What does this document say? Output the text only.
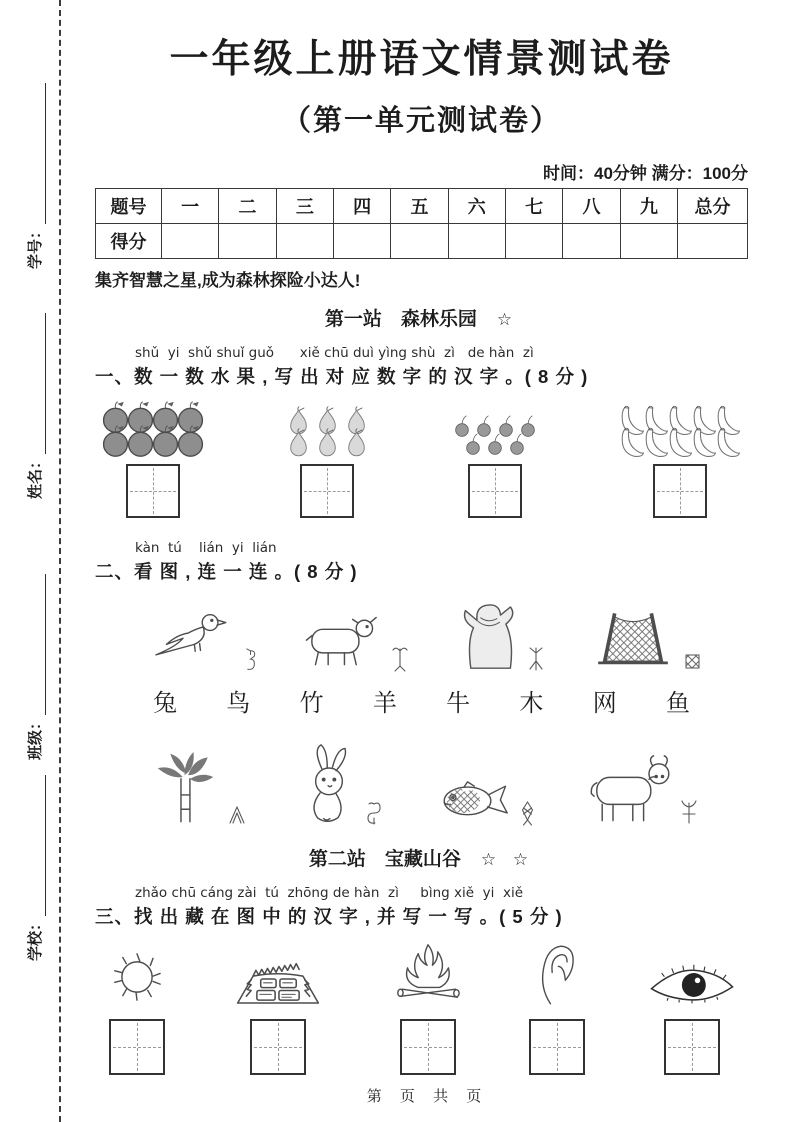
学号：
姓名：
班级：
学校：
一年级上册语文情景测试卷
（第一单元测试卷）
时间：40分钟 满分：100分
题号	一	二	三	四	五	六	七	八	九	总分
得分										

集齐智慧之星,成为森林探险小达人!

第一站　森林乐园 ☆
shǔ  yi  shǔ shuǐ guǒ      xiě chū duì yìng shù  zì   de hàn  zì
一、数 一 数 水 果 , 写 出 对 应 数 字 的 汉 字 。( 8 分 )
kàn  tú    lián  yi  lián
二、看 图 , 连 一 连 。( 8 分 )
兔 鸟 竹 羊 牛 木 网 鱼
第二站　宝藏山谷 ☆ ☆
zhǎo chū cáng zài  tú  zhōng de hàn  zì     bìng xiě  yi  xiě
三、找 出 藏 在 图 中 的 汉 字 , 并 写 一 写 。( 5 分 )
第 页 共 页
